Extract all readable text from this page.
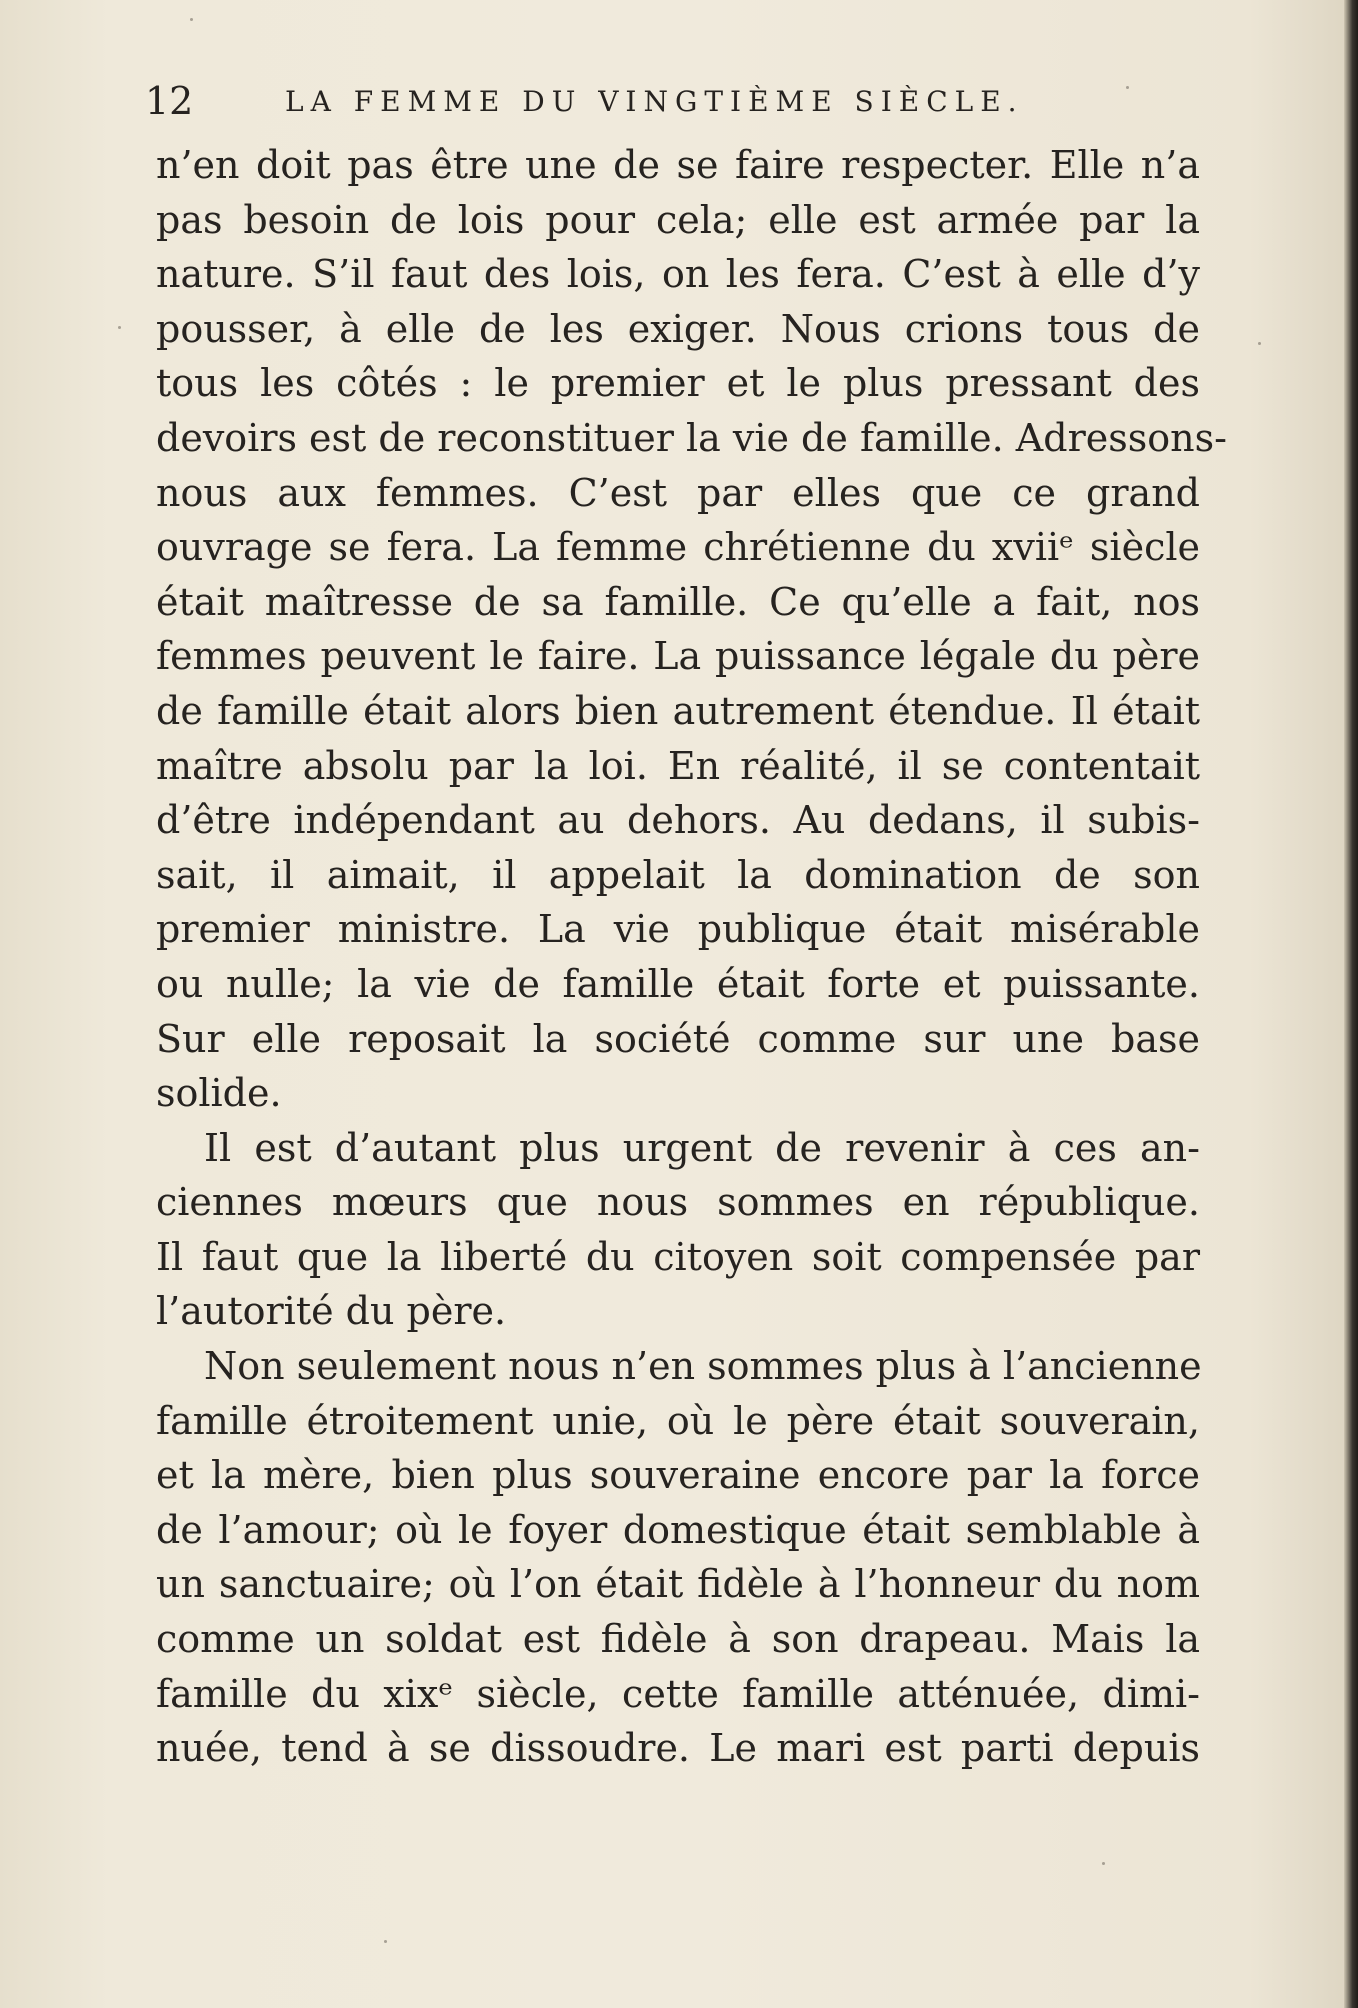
12	LA FEMME DU VINGTIÈME SIÈCLE.
n’en doit pas être une de se faire respecter. Elle n’a
pas besoin de lois pour cela; elle est armée par la
nature. S’il faut des lois, on les fera. C’est à elle d’y
pousser, à elle de les exiger. Nous crions tous de
tous les côtés : le premier et le plus pressant des
devoirs est de reconstituer la vie de famille. Adressons-
nous aux femmes. C’est par elles que ce grand
ouvrage se fera. La femme chrétienne du xviiᵉ siècle
était maîtresse de sa famille. Ce qu’elle a fait, nos
femmes peuvent le faire. La puissance légale du père
de famille était alors bien autrement étendue. Il était
maître absolu par la loi. En réalité, il se contentait
d’être indépendant au dehors. Au dedans, il subis-
sait, il aimait, il appelait la domination de son
premier ministre. La vie publique était misérable
ou nulle; la vie de famille était forte et puissante.
Sur elle reposait la société comme sur une base
solide.
Il est d’autant plus urgent de revenir à ces an-
ciennes mœurs que nous sommes en république.
Il faut que la liberté du citoyen soit compensée par
l’autorité du père.
Non seulement nous n’en sommes plus à l’ancienne
famille étroitement unie, où le père était souverain,
et la mère, bien plus souveraine encore par la force
de l’amour; où le foyer domestique était semblable à
un sanctuaire; où l’on était fidèle à l’honneur du nom
comme un soldat est fidèle à son drapeau. Mais la
famille du xixᵉ siècle, cette famille atténuée, dimi-
nuée, tend à se dissoudre. Le mari est parti depuis
